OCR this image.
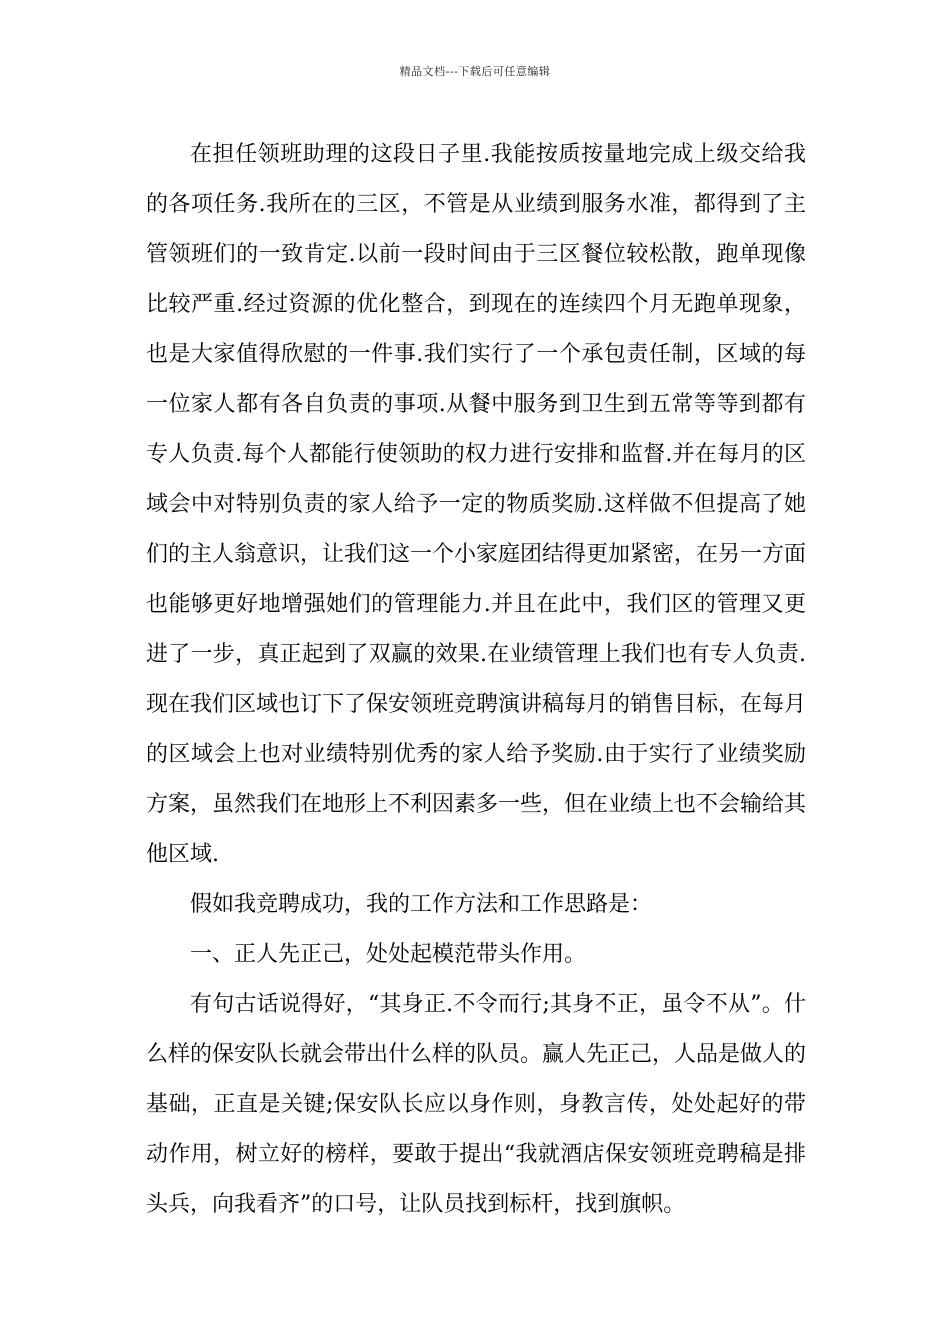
精品文档---下载后可任意编辑

在担任领班助理的这段日子里.我能按质按量地完成上级交给我的各项任务.我所在的三区，不管是从业绩到服务水准，都得到了主管领班们的一致肯定.以前一段时间由于三区餐位较松散，跑单现像比较严重.经过资源的优化整合，到现在的连续四个月无跑单现象，也是大家值得欣慰的一件事.我们实行了一个承包责任制，区域的每一位家人都有各自负责的事项.从餐中服务到卫生到五常等等到都有专人负责.每个人都能行使领助的权力进行安排和监督.并在每月的区域会中对特别负责的家人给予一定的物质奖励.这样做不但提高了她们的主人翁意识，让我们这一个小家庭团结得更加紧密，在另一方面也能够更好地增强她们的管理能力.并且在此中，我们区的管理又更进了一步，真正起到了双赢的效果.在业绩管理上我们也有专人负责.现在我们区域也订下了保安领班竞聘演讲稿每月的销售目标，在每月的区域会上也对业绩特别优秀的家人给予奖励.由于实行了业绩奖励方案，虽然我们在地形上不利因素多一些，但在业绩上也不会输给其他区域.

假如我竞聘成功，我的工作方法和工作思路是：

一、正人先正己，处处起模范带头作用。

有句古话说得好，“其身正.不令而行;其身不正，虽令不从”。什么样的保安队长就会带出什么样的队员。赢人先正己，人品是做人的基础，正直是关键;保安队长应以身作则，身教言传，处处起好的带动作用，树立好的榜样，要敢于提出“我就酒店保安领班竞聘稿是排头兵，向我看齐”的口号，让队员找到标杆，找到旗帜。
